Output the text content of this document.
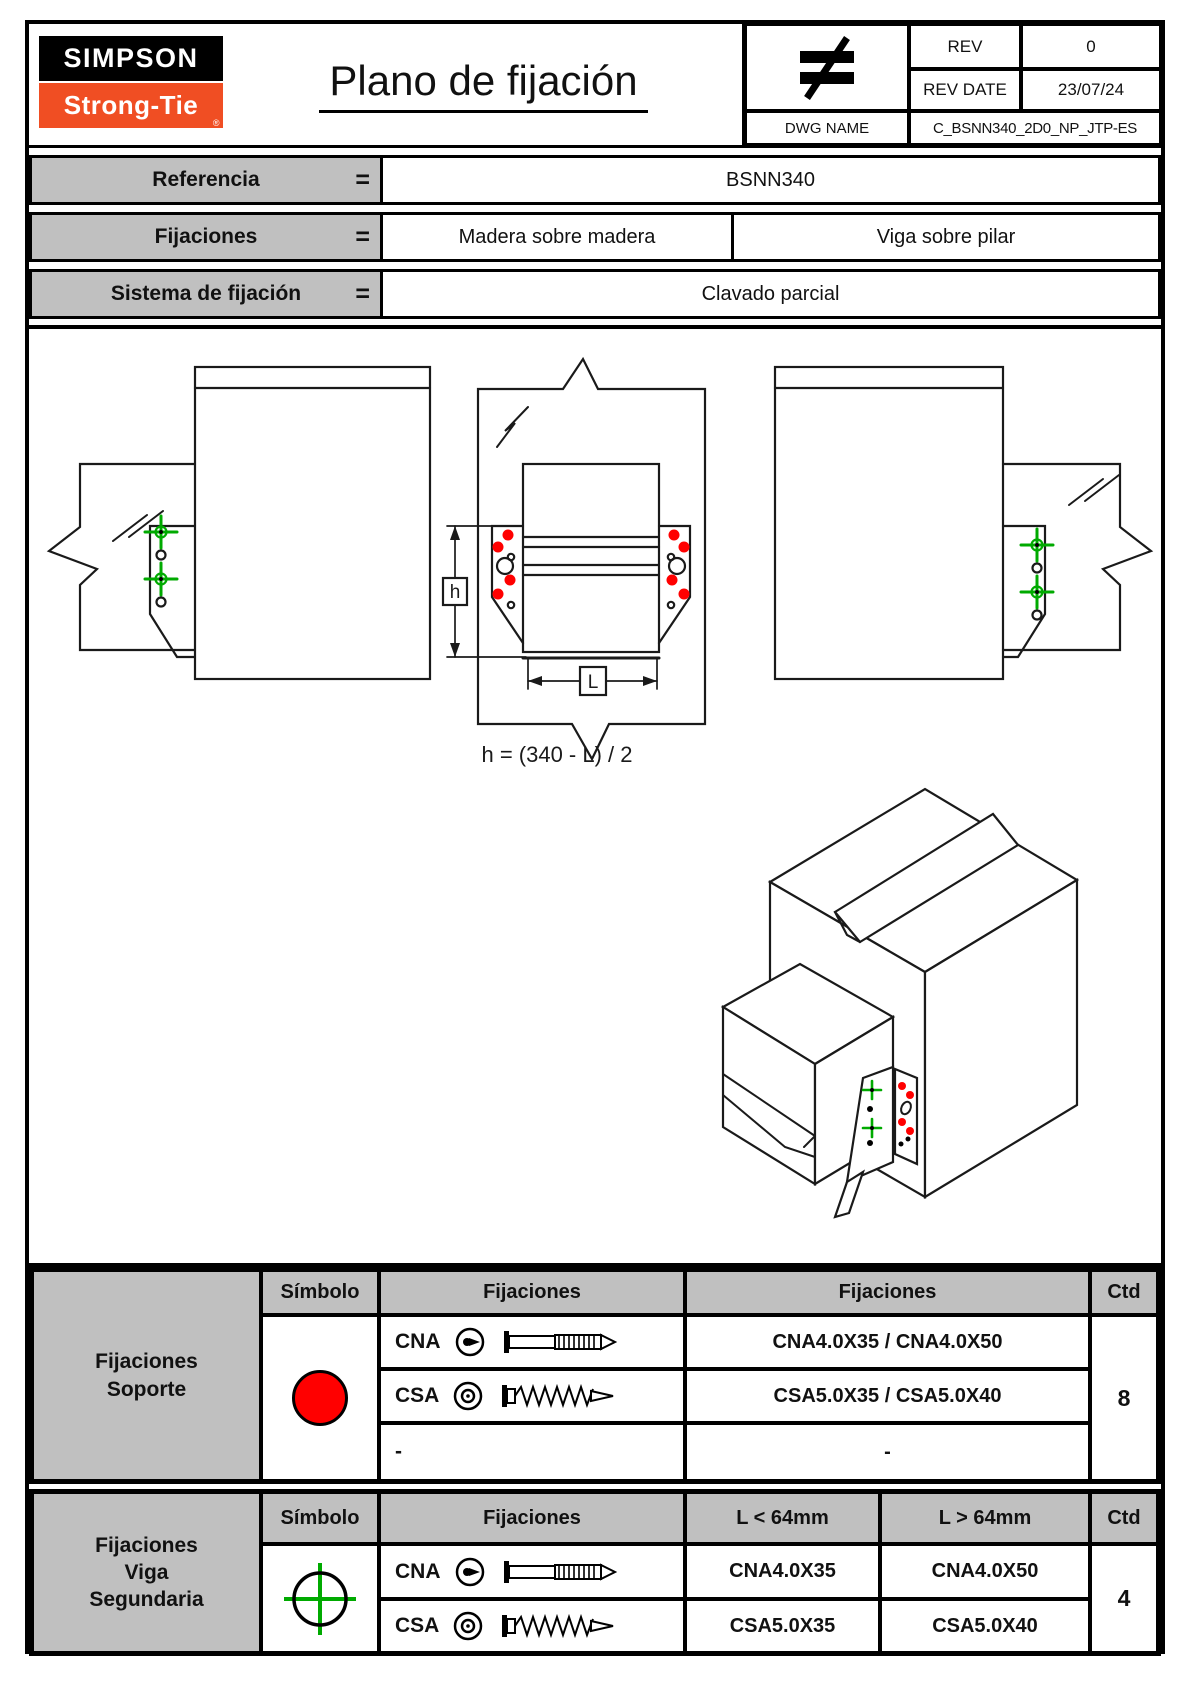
SIMPSON
Strong-Tie
®
Plano de fijación
REV	0
REV DATE	23/07/24
DWG NAME	C_BSNN340_2D0_NP_JTP-ES
Referencia	=	BSNN340
Fijaciones	=	Madera sobre madera	Viga sobre pilar
Sistema de fijación =	Clavado parcial
h
L
h = (340 - L) / 2
Fijaciones
Soporte
Símbolo	Fijaciones	Fijaciones	Ctd
CNA	CNA4.0X35 / CNA4.0X50
CSA	CSA5.0X35 / CSA5.0X40
-	-
8
Fijaciones
Viga
Segundaria
Símbolo	Fijaciones	L < 64mm	L > 64mm	Ctd
CNA	CNA4.0X35	CNA4.0X50
CSA	CSA5.0X35	CSA5.0X40
4
